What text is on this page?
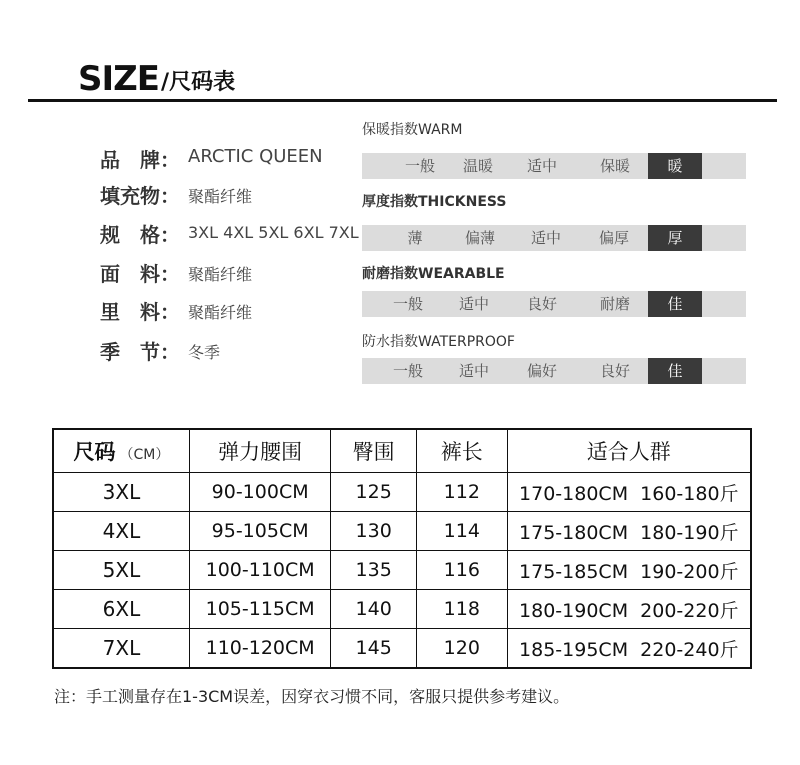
SIZE /尺码表
品　牌： ARCTIC QUEEN
填充物： 聚酯纤维
规　格： 3XL 4XL 5XL 6XL 7XL
面　料： 聚酯纤维
里　料： 聚酯纤维
季　节： 冬季
保暖指数WARM
一般	温暖	适中	保暖	暖
厚度指数THICKNESS
薄	偏薄	适中	偏厚	厚
耐磨指数WEARABLE
一般	适中	良好	耐磨	佳
防水指数WATERPROOF
一般	适中	偏好	良好	佳
尺码 （CM）	弹力腰围	臀围	裤长	适合人群
3XL	90-100CM	125	112	170-180CM  160-180斤
4XL	95-105CM	130	114	175-180CM  180-190斤
5XL	100-110CM	135	116	175-185CM  190-200斤
6XL	105-115CM	140	118	180-190CM  200-220斤
7XL	110-120CM	145	120	185-195CM  220-240斤
注：手工测量存在1-3CM误差，因穿衣习惯不同，客服只提供参考建议。
